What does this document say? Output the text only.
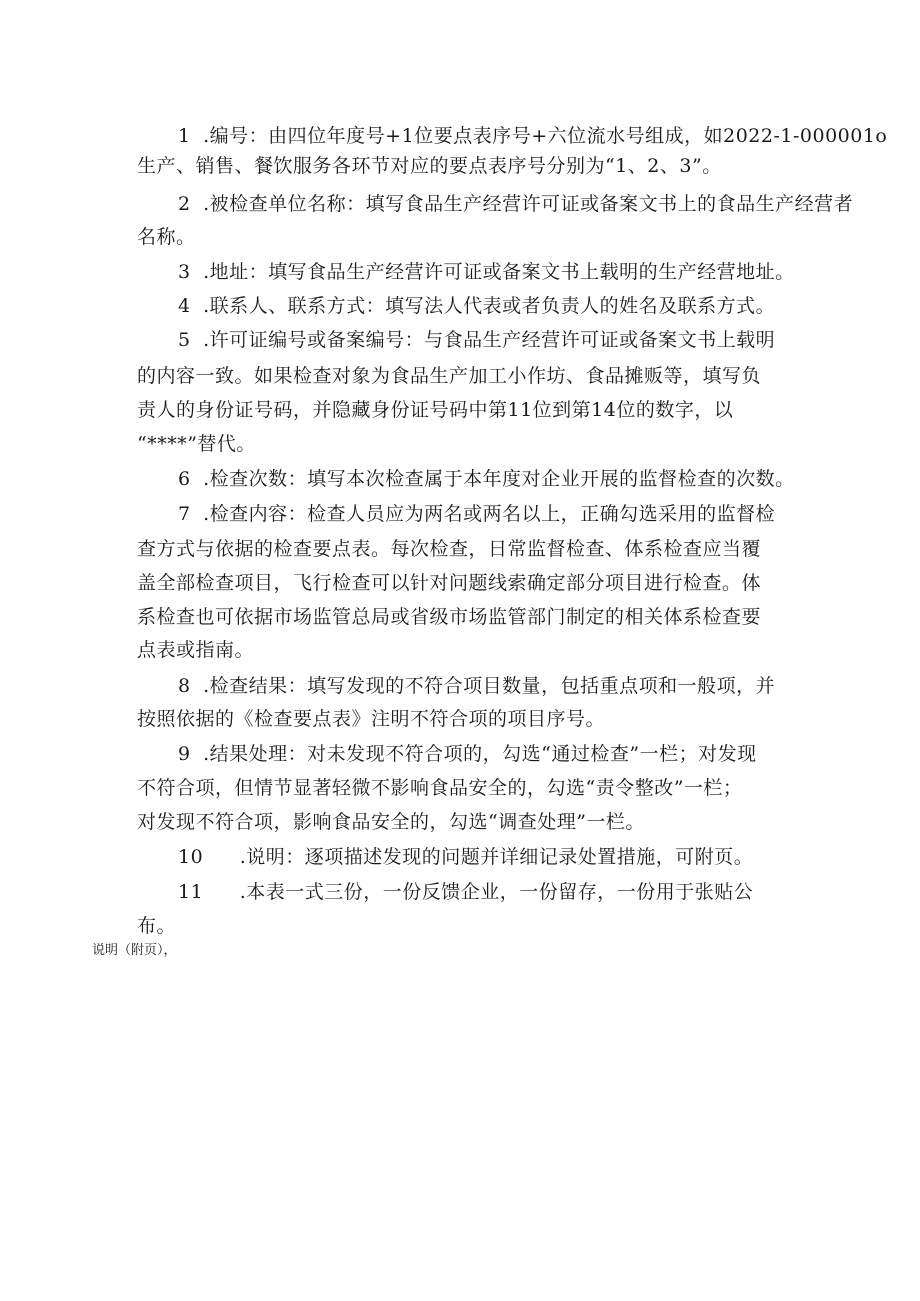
1 .编号：由四位年度号+1位要点表序号+六位流水号组成，如2022-1-000001o
生产、销售、餐饮服务各环节对应的要点表序号分别为“1、2、3”。
2 .被检查单位名称：填写食品生产经营许可证或备案文书上的食品生产经营者
名称。
3 .地址：填写食品生产经营许可证或备案文书上载明的生产经营地址。
4 .联系人、联系方式：填写法人代表或者负责人的姓名及联系方式。
5 .许可证编号或备案编号：与食品生产经营许可证或备案文书上载明
的内容一致。如果检查对象为食品生产加工小作坊、食品摊贩等，填写负
责人的身份证号码，并隐藏身份证号码中第11位到第14位的数字，以
“****”替代。
6 .检查次数：填写本次检查属于本年度对企业开展的监督检查的次数。
7 .检查内容：检查人员应为两名或两名以上，正确勾选采用的监督检
查方式与依据的检查要点表。每次检查，日常监督检查、体系检查应当覆
盖全部检查项目，飞行检查可以针对问题线索确定部分项目进行检查。体
系检查也可依据市场监管总局或省级市场监管部门制定的相关体系检查要
点表或指南。
8 .检查结果：填写发现的不符合项目数量，包括重点项和一般项，并
按照依据的《检查要点表》注明不符合项的项目序号。
9 .结果处理：对未发现不符合项的，勾选“通过检查”一栏；对发现
不符合项，但情节显著轻微不影响食品安全的，勾选“责令整改”一栏；
对发现不符合项，影响食品安全的，勾选“调查处理”一栏。
10 .说明：逐项描述发现的问题并详细记录处置措施，可附页。
11 .本表一式三份，一份反馈企业，一份留存，一份用于张贴公
布。
说明（附页），
